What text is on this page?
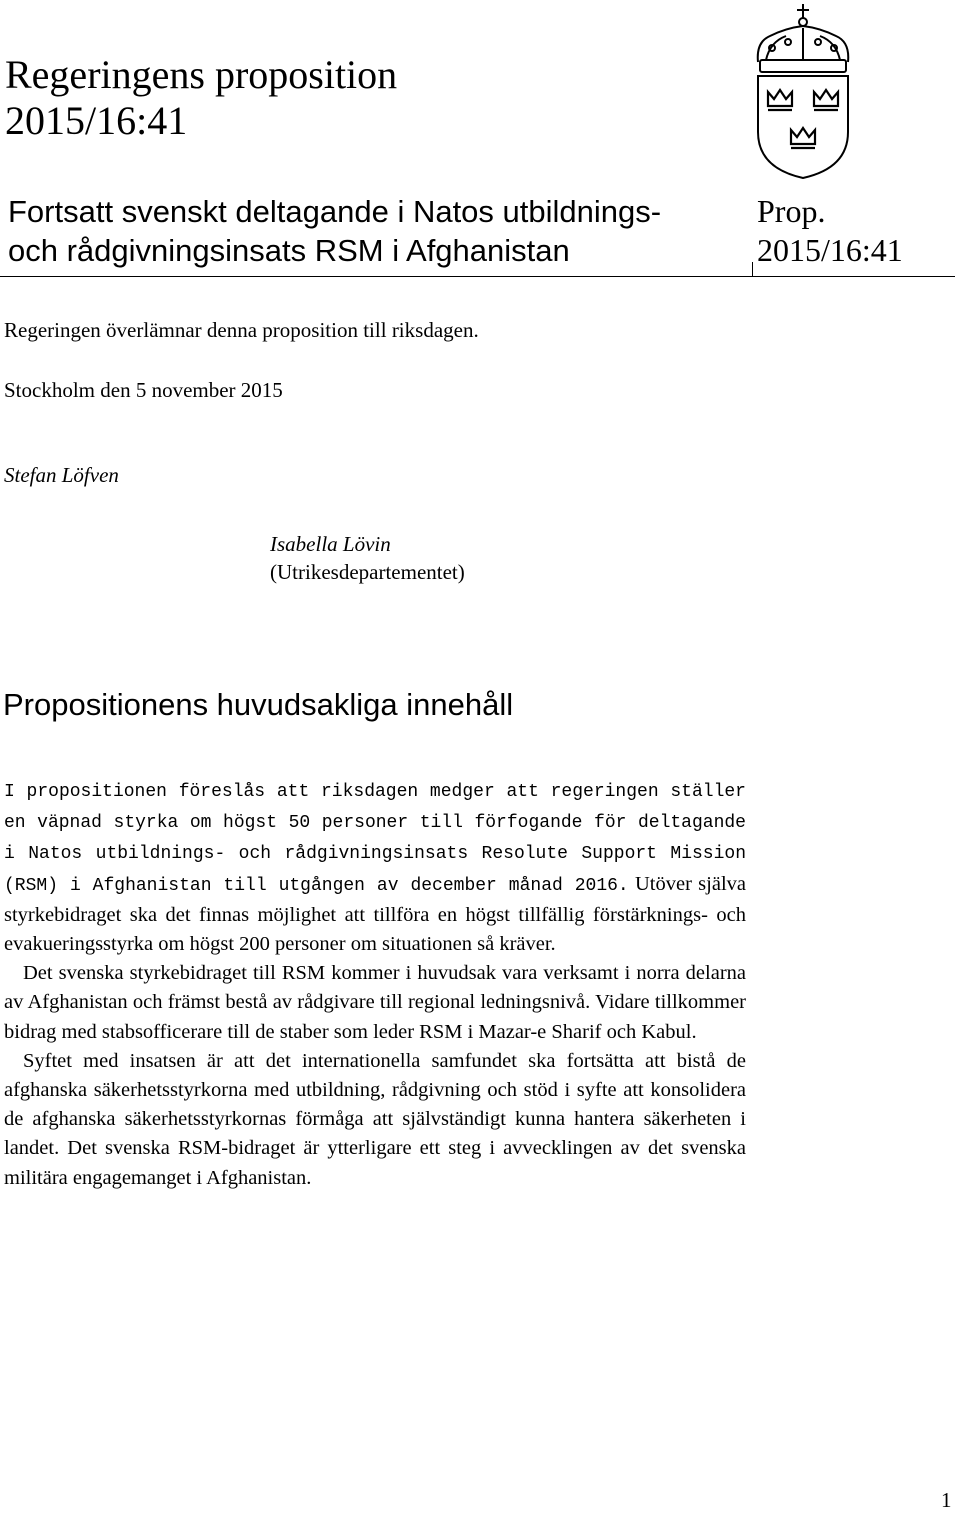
Regeringens proposition
2015/16:41
Fortsatt svenskt deltagande i Natos utbildnings-
och rådgivningsinsats RSM i Afghanistan
Prop.
2015/16:41
Regeringen överlämnar denna proposition till riksdagen.
Stockholm den 5 november 2015
Stefan Löfven
Isabella Lövin
(Utrikesdepartementet)
Propositionens huvudsakliga innehåll

I propositionen föreslås att riksdagen medger att regeringen ställer en väpnad styrka om högst 50 personer till förfogande för deltagande i Natos utbildnings- och rådgivningsinsats Resolute Support Mission (RSM) i Afghanistan till utgången av december månad 2016. Utöver själva styrkebidraget ska det finnas möjlighet att tillföra en högst tillfällig förstärknings- och evakueringsstyrka om högst 200 personer om situationen så kräver.

Det svenska styrkebidraget till RSM kommer i huvudsak vara verksamt i norra delarna av Afghanistan och främst bestå av rådgivare till regional ledningsnivå. Vidare tillkommer bidrag med stabsofficerare till de staber som leder RSM i Mazar-e Sharif och Kabul.

Syftet med insatsen är att det internationella samfundet ska fortsätta att bistå de afghanska säkerhetsstyrkorna med utbildning, rådgivning och stöd i syfte att konsolidera de afghanska säkerhetsstyrkornas förmåga att självständigt kunna hantera säkerheten i landet. Det svenska RSM-bidraget är ytterligare ett steg i avvecklingen av det svenska militära engagemanget i Afghanistan.

1
